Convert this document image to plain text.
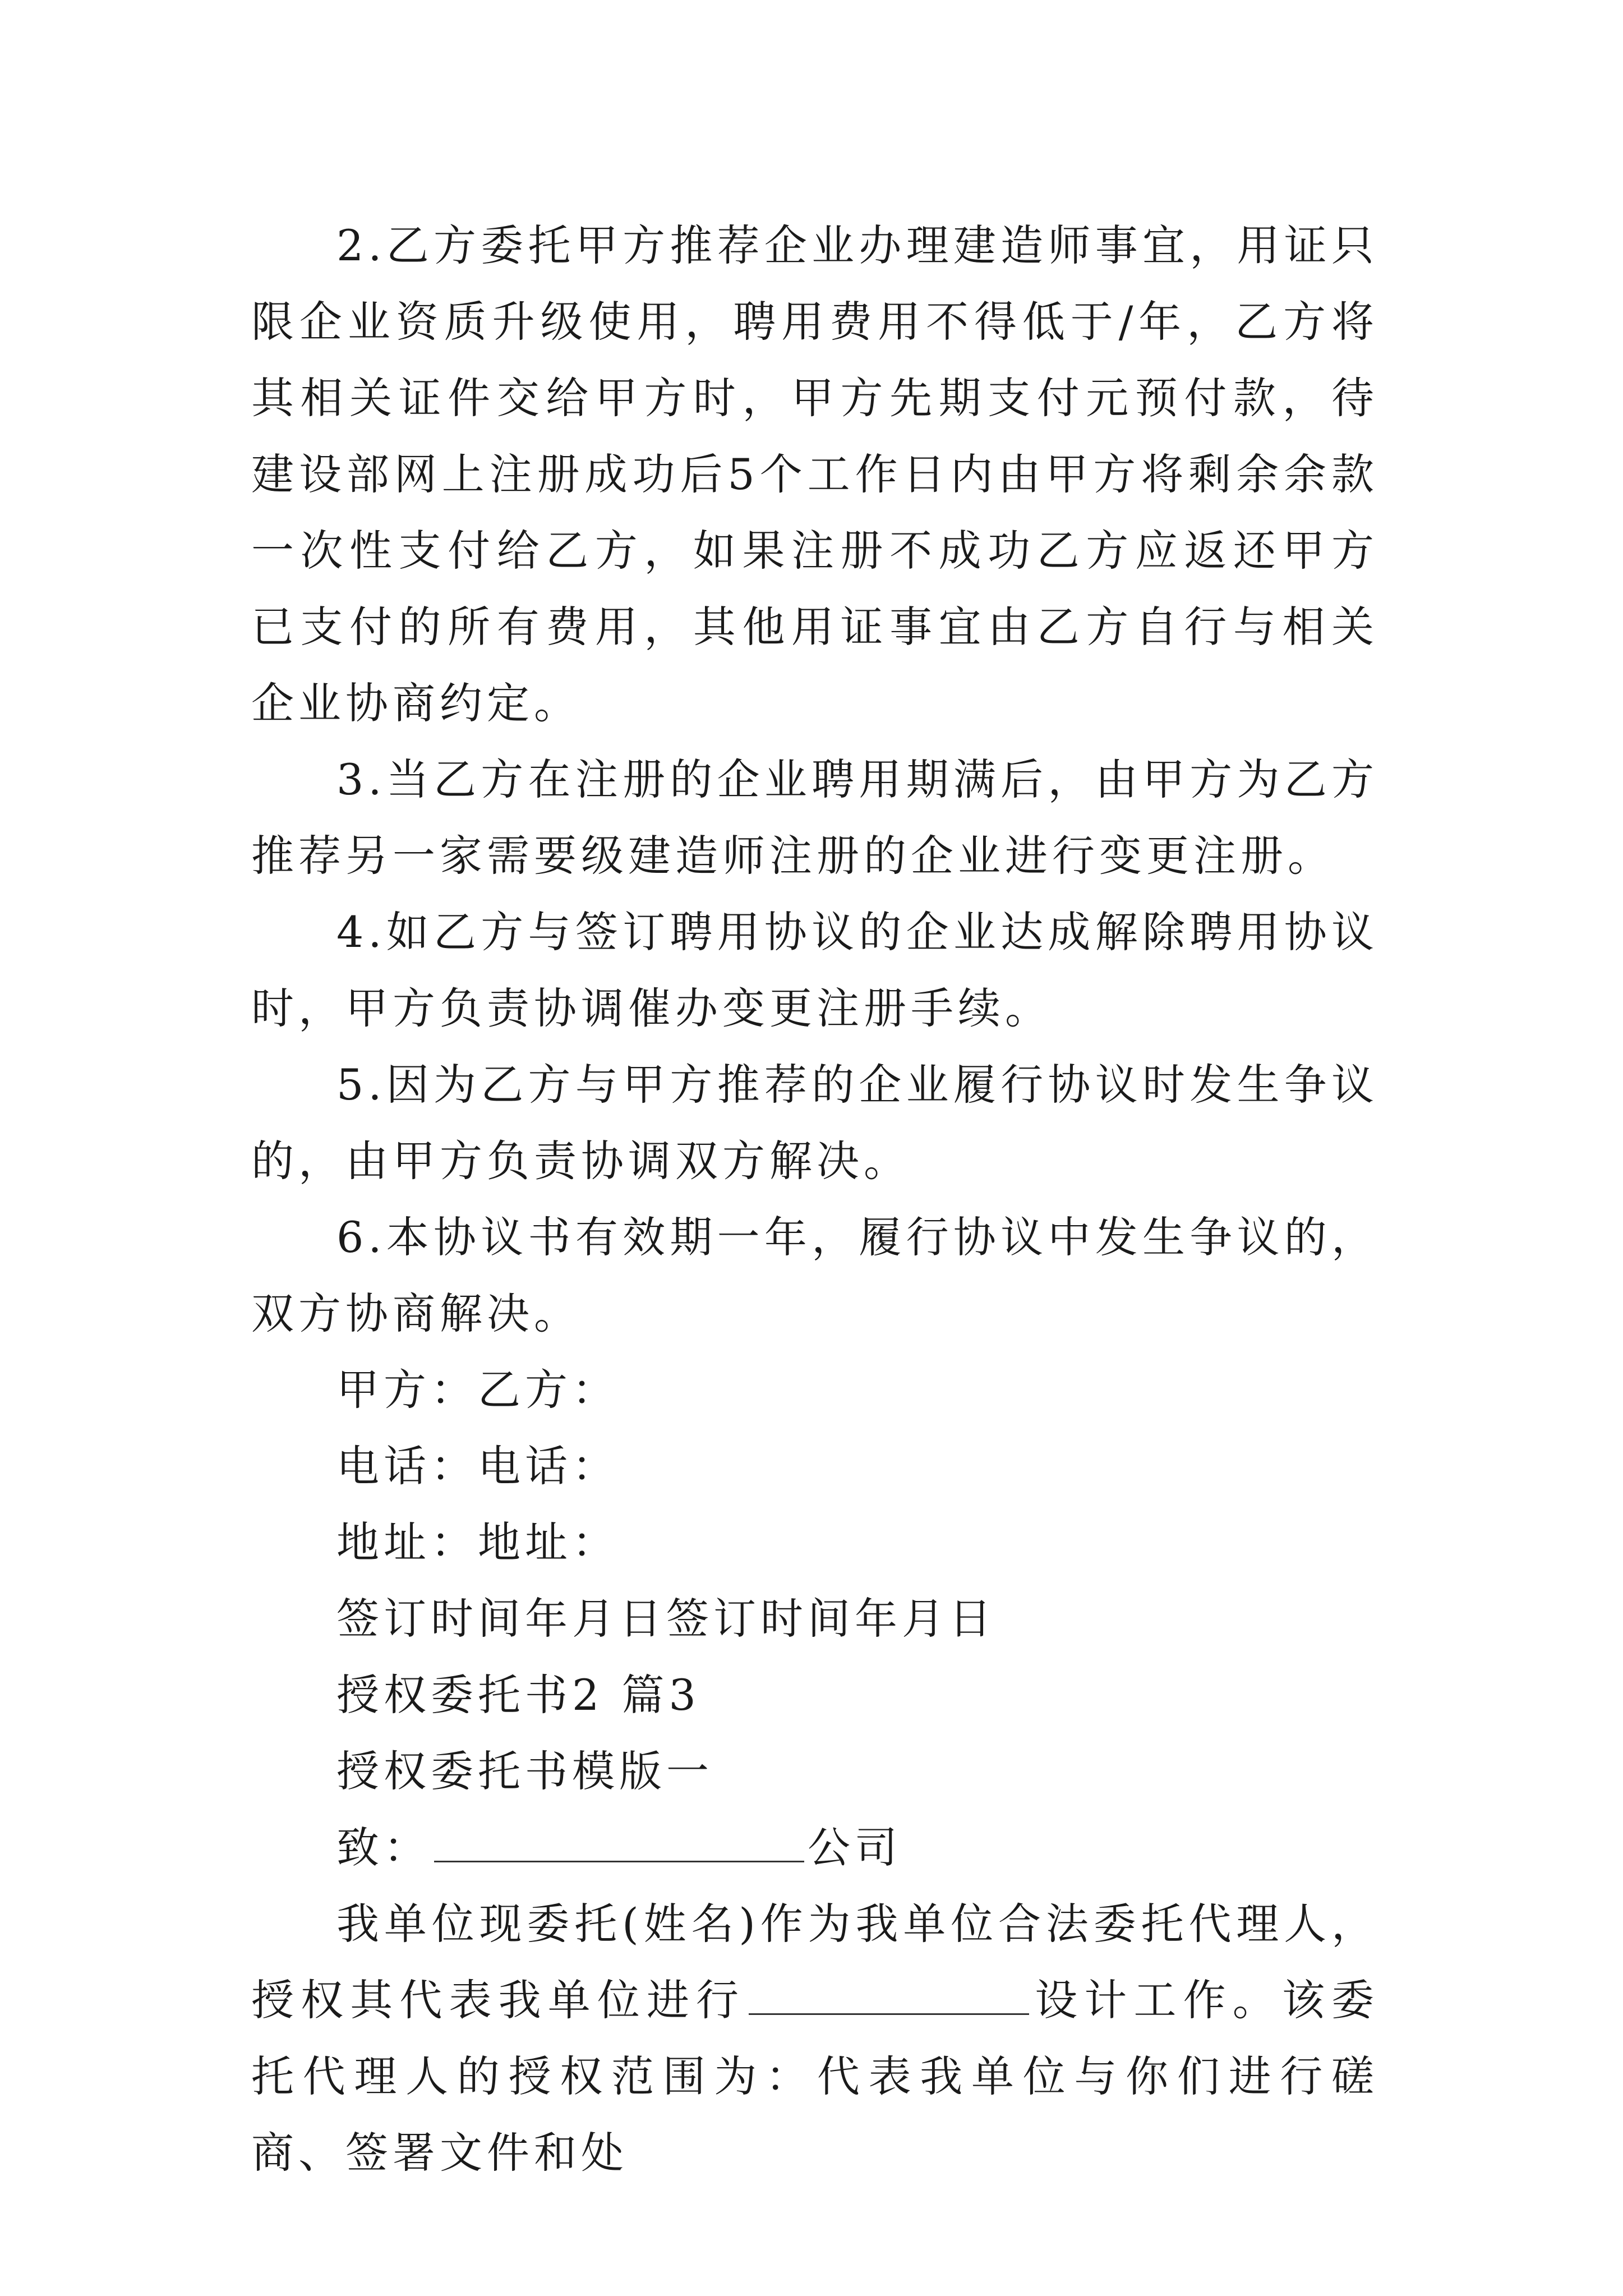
2.乙方委托甲方推荐企业办理建造师事宜，用证只限企业资质升级使用，聘用费用不得低于/年，乙方将其相关证件交给甲方时，甲方先期支付元预付款，待建设部网上注册成功后5个工作日内由甲方将剩余余款一次性支付给乙方，如果注册不成功乙方应返还甲方已支付的所有费用，其他用证事宜由乙方自行与相关企业协商约定。

3.当乙方在注册的企业聘用期满后，由甲方为乙方推荐另一家需要级建造师注册的企业进行变更注册。

4.如乙方与签订聘用协议的企业达成解除聘用协议时，甲方负责协调催办变更注册手续。

5.因为乙方与甲方推荐的企业履行协议时发生争议的，由甲方负责协调双方解决。

6.本协议书有效期一年，履行协议中发生争议的，双方协商解决。

甲方：乙方：

电话：电话：

地址：地址：

签订时间年月日签订时间年月日

授权委托书2 篇3

授权委托书模版一

致：	公司

我单位现委托(姓名)作为我单位合法委托代理人，授权其代表我单位进行	设计工作。该委托代理人的授权范围为：代表我单位与你们进行磋商、签署文件和处
